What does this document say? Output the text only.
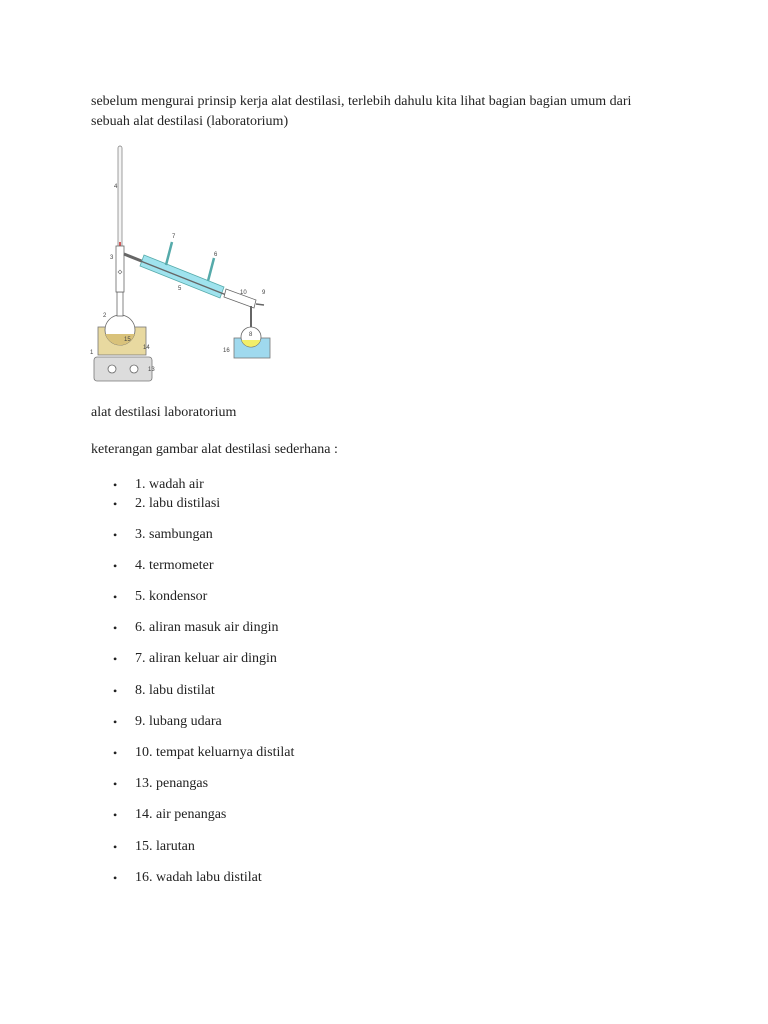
sebelum mengurai prinsip kerja alat destilasi, terlebih dahulu kita lihat bagian bagian umum dari
sebuah alat destilasi (laboratorium)

1
2
3
4
5
6
7
8
9
10
13
14
15
16

alat destilasi laboratorium

keterangan gambar alat destilasi sederhana :

•	1. wadah air
•	2. labu distilasi
•	3. sambungan
•	4. termometer
•	5. kondensor
•	6. aliran masuk air dingin
•	7. aliran keluar air dingin
•	8. labu distilat
•	9. lubang udara
•	10. tempat keluarnya distilat
•	13. penangas
•	14. air penangas
•	15. larutan
•	16. wadah labu distilat
